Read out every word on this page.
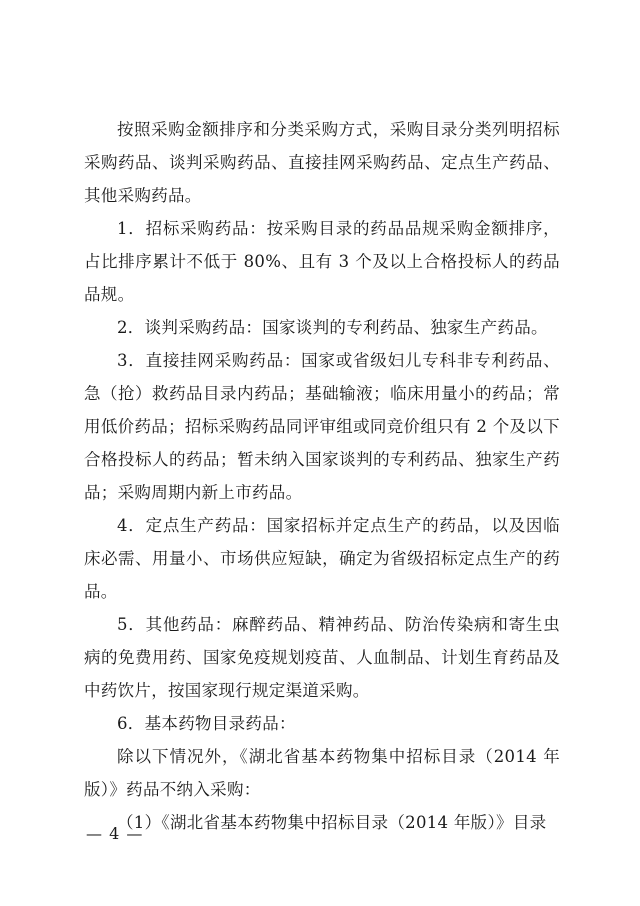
按照采购金额排序和分类采购方式，采购目录分类列明招标采购药品、谈判采购药品、直接挂网采购药品、定点生产药品、其他采购药品。

1．招标采购药品：按采购目录的药品品规采购金额排序，占比排序累计不低于 80%、且有 3 个及以上合格投标人的药品品规。

2．谈判采购药品：国家谈判的专利药品、独家生产药品。

3．直接挂网采购药品：国家或省级妇儿专科非专利药品、急（抢）救药品目录内药品；基础输液；临床用量小的药品；常用低价药品；招标采购药品同评审组或同竞价组只有 2 个及以下合格投标人的药品；暂未纳入国家谈判的专利药品、独家生产药品；采购周期内新上市药品。

4．定点生产药品：国家招标并定点生产的药品，以及因临床必需、用量小、市场供应短缺，确定为省级招标定点生产的药品。

5．其他药品：麻醉药品、精神药品、防治传染病和寄生虫病的免费用药、国家免疫规划疫苗、人血制品、计划生育药品及中药饮片，按国家现行规定渠道采购。

6．基本药物目录药品：

除以下情况外，《湖北省基本药物集中招标目录（2014 年版）》药品不纳入采购：

（1）《湖北省基本药物集中招标目录（2014 年版）》目录

— 4 —
